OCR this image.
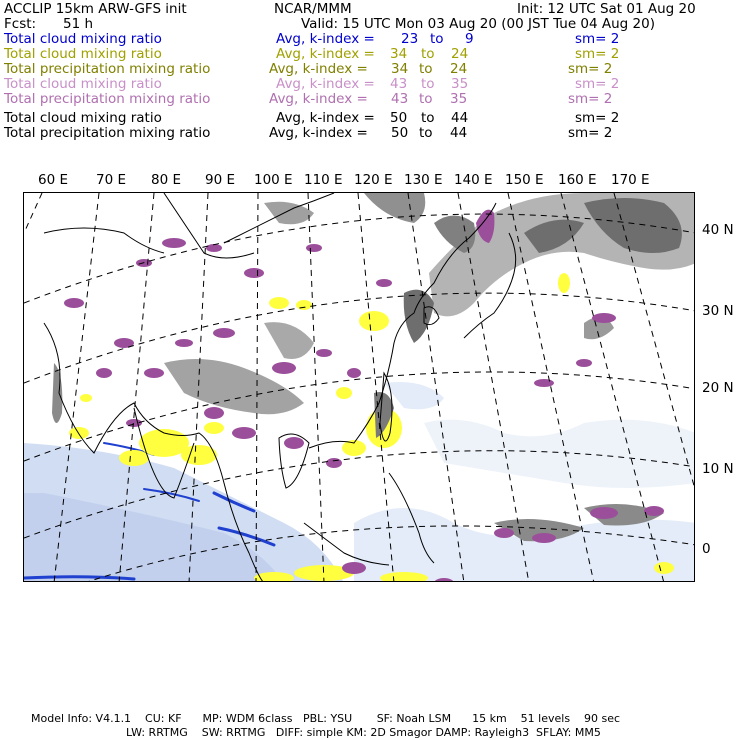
ACCLIP 15km ARW-GFS init	NCAR/MMM	Init: 12 UTC Sat 01 Aug 20
Fcst: 51 h	Valid: 15 UTC Mon 03 Aug 20 (00 JST Tue 04 Aug 20)
Total cloud mixing ratio	Avg, k-index = 23 to 9	sm= 2
Total cloud mixing ratio	Avg, k-index = 34 to 24	sm= 2
Total precipitation mixing ratio	Avg, k-index = 34 to 24	sm= 2
Total cloud mixing ratio	Avg, k-index = 43 to 35	sm= 2
Total precipitation mixing ratio	Avg, k-index = 43 to 35	sm= 2
Total cloud mixing ratio	Avg, k-index = 50 to 44	sm= 2
Total precipitation mixing ratio	Avg, k-index = 50 to 44	sm= 2
60 E 70 E 80 E 90 E 100 E 110 E 120 E 130 E 140 E 150 E 160 E 170 E
40 N
30 N
20 N
10 N
0
Model Info: V4.1.1    CU: KF      MP: WDM 6class   PBL: YSU       SF: Noah LSM      15 km    51 levels    90 sec
LW: RRTMG    SW: RRTMG   DIFF: simple KM: 2D Smagor DAMP: Rayleigh3  SFLAY: MM5
